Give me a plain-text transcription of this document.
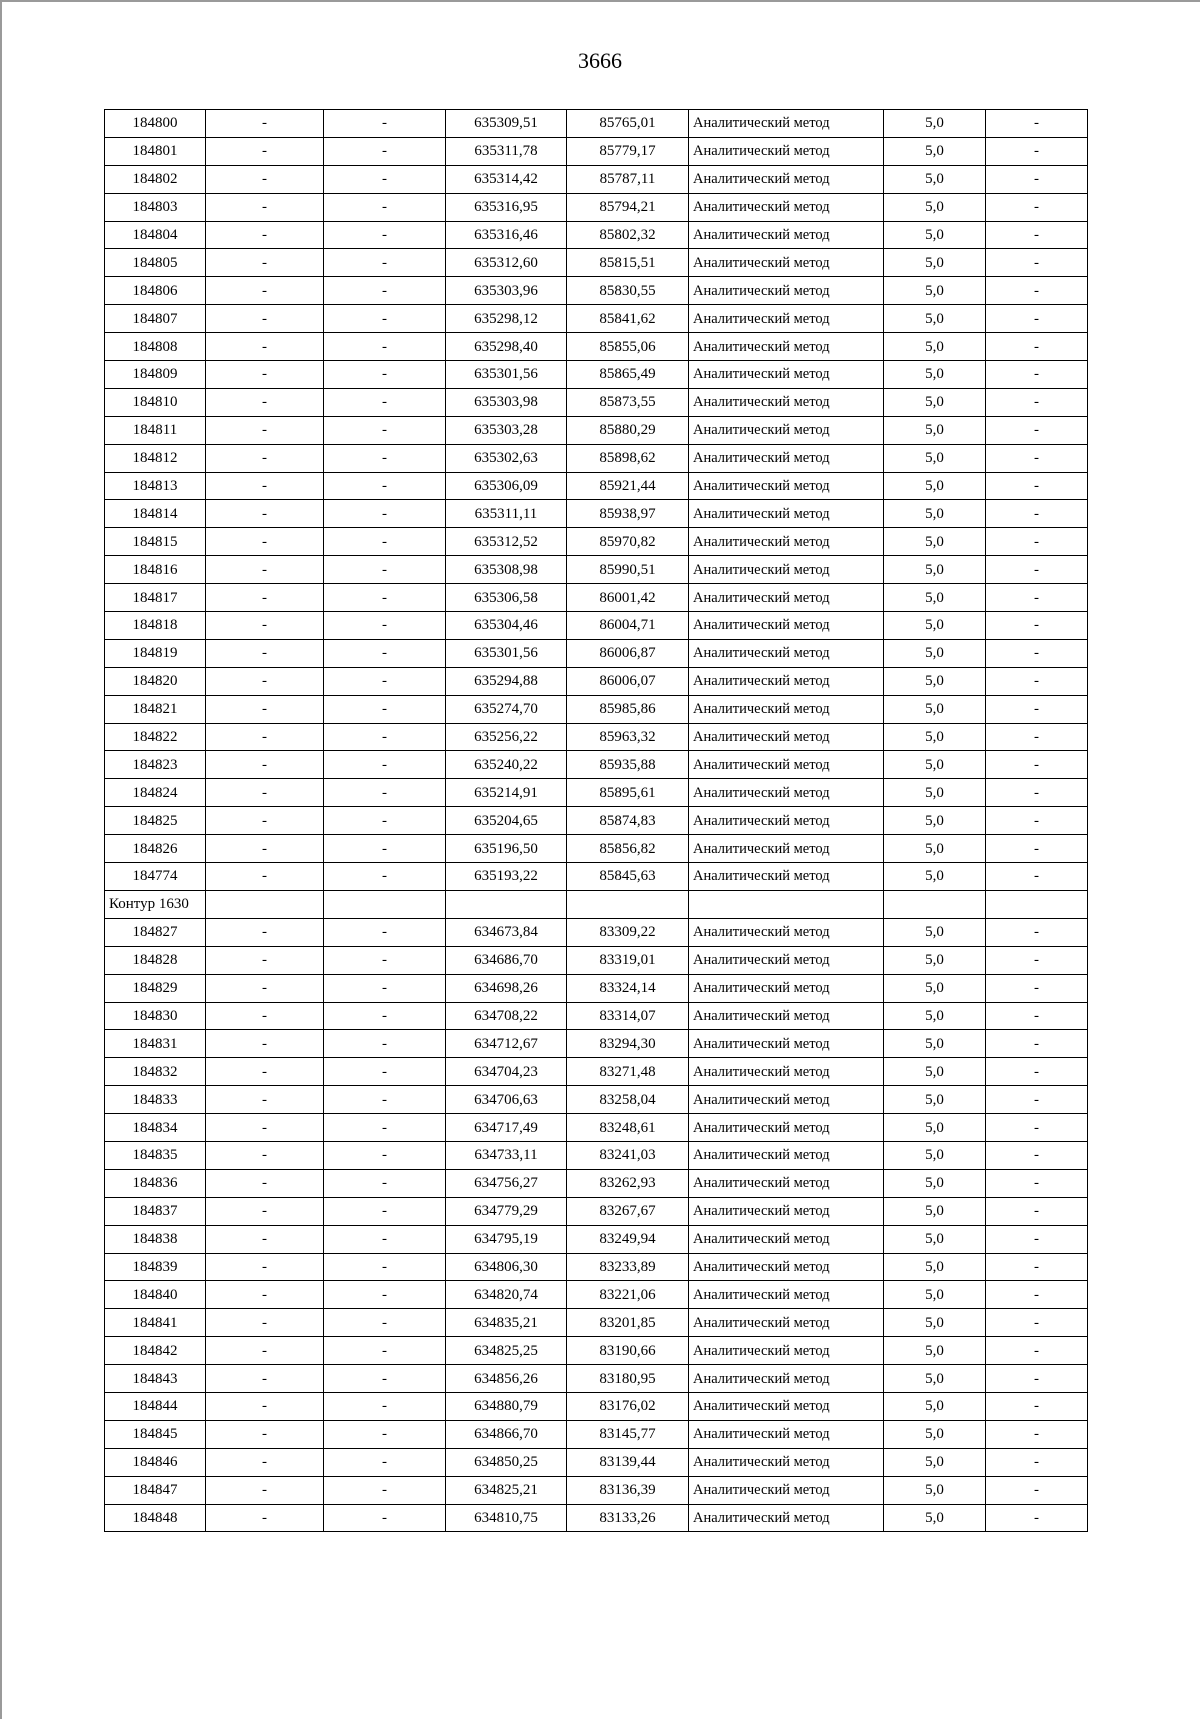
3666
184800	-	-	635309,51	85765,01	Аналитический метод	5,0	-
184801	-	-	635311,78	85779,17	Аналитический метод	5,0	-
184802	-	-	635314,42	85787,11	Аналитический метод	5,0	-
184803	-	-	635316,95	85794,21	Аналитический метод	5,0	-
184804	-	-	635316,46	85802,32	Аналитический метод	5,0	-
184805	-	-	635312,60	85815,51	Аналитический метод	5,0	-
184806	-	-	635303,96	85830,55	Аналитический метод	5,0	-
184807	-	-	635298,12	85841,62	Аналитический метод	5,0	-
184808	-	-	635298,40	85855,06	Аналитический метод	5,0	-
184809	-	-	635301,56	85865,49	Аналитический метод	5,0	-
184810	-	-	635303,98	85873,55	Аналитический метод	5,0	-
184811	-	-	635303,28	85880,29	Аналитический метод	5,0	-
184812	-	-	635302,63	85898,62	Аналитический метод	5,0	-
184813	-	-	635306,09	85921,44	Аналитический метод	5,0	-
184814	-	-	635311,11	85938,97	Аналитический метод	5,0	-
184815	-	-	635312,52	85970,82	Аналитический метод	5,0	-
184816	-	-	635308,98	85990,51	Аналитический метод	5,0	-
184817	-	-	635306,58	86001,42	Аналитический метод	5,0	-
184818	-	-	635304,46	86004,71	Аналитический метод	5,0	-
184819	-	-	635301,56	86006,87	Аналитический метод	5,0	-
184820	-	-	635294,88	86006,07	Аналитический метод	5,0	-
184821	-	-	635274,70	85985,86	Аналитический метод	5,0	-
184822	-	-	635256,22	85963,32	Аналитический метод	5,0	-
184823	-	-	635240,22	85935,88	Аналитический метод	5,0	-
184824	-	-	635214,91	85895,61	Аналитический метод	5,0	-
184825	-	-	635204,65	85874,83	Аналитический метод	5,0	-
184826	-	-	635196,50	85856,82	Аналитический метод	5,0	-
184774	-	-	635193,22	85845,63	Аналитический метод	5,0	-
Контур 1630							
184827	-	-	634673,84	83309,22	Аналитический метод	5,0	-
184828	-	-	634686,70	83319,01	Аналитический метод	5,0	-
184829	-	-	634698,26	83324,14	Аналитический метод	5,0	-
184830	-	-	634708,22	83314,07	Аналитический метод	5,0	-
184831	-	-	634712,67	83294,30	Аналитический метод	5,0	-
184832	-	-	634704,23	83271,48	Аналитический метод	5,0	-
184833	-	-	634706,63	83258,04	Аналитический метод	5,0	-
184834	-	-	634717,49	83248,61	Аналитический метод	5,0	-
184835	-	-	634733,11	83241,03	Аналитический метод	5,0	-
184836	-	-	634756,27	83262,93	Аналитический метод	5,0	-
184837	-	-	634779,29	83267,67	Аналитический метод	5,0	-
184838	-	-	634795,19	83249,94	Аналитический метод	5,0	-
184839	-	-	634806,30	83233,89	Аналитический метод	5,0	-
184840	-	-	634820,74	83221,06	Аналитический метод	5,0	-
184841	-	-	634835,21	83201,85	Аналитический метод	5,0	-
184842	-	-	634825,25	83190,66	Аналитический метод	5,0	-
184843	-	-	634856,26	83180,95	Аналитический метод	5,0	-
184844	-	-	634880,79	83176,02	Аналитический метод	5,0	-
184845	-	-	634866,70	83145,77	Аналитический метод	5,0	-
184846	-	-	634850,25	83139,44	Аналитический метод	5,0	-
184847	-	-	634825,21	83136,39	Аналитический метод	5,0	-
184848	-	-	634810,75	83133,26	Аналитический метод	5,0	-
